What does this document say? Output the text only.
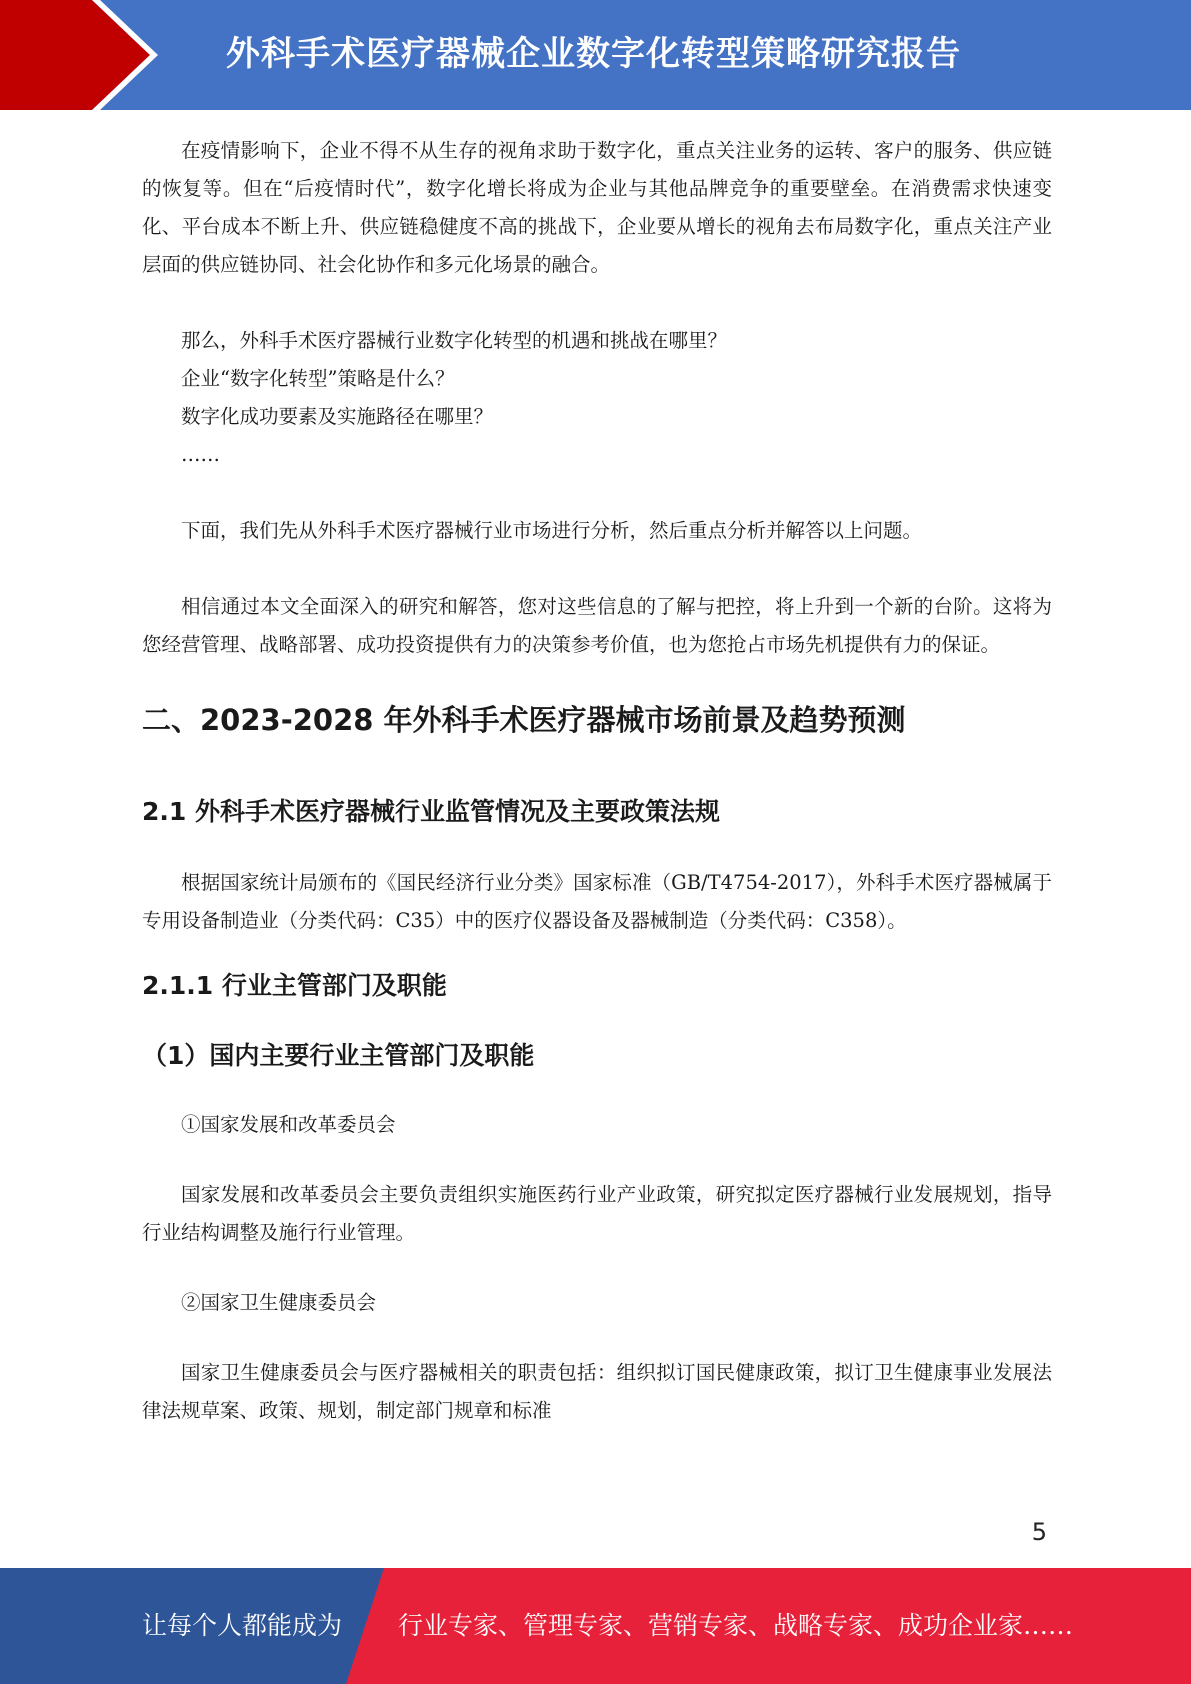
外科手术医疗器械企业数字化转型策略研究报告

在疫情影响下，企业不得不从生存的视角求助于数字化，重点关注业务的运转、客户的服务、供应链的恢复等。但在“后疫情时代”，数字化增长将成为企业与其他品牌竞争的重要壁垒。在消费需求快速变化、平台成本不断上升、供应链稳健度不高的挑战下，企业要从增长的视角去布局数字化，重点关注产业层面的供应链协同、社会化协作和多元化场景的融合。

那么，外科手术医疗器械行业数字化转型的机遇和挑战在哪里？

企业“数字化转型”策略是什么？

数字化成功要素及实施路径在哪里？

……

下面，我们先从外科手术医疗器械行业市场进行分析，然后重点分析并解答以上问题。

相信通过本文全面深入的研究和解答，您对这些信息的了解与把控，将上升到一个新的台阶。这将为您经营管理、战略部署、成功投资提供有力的决策参考价值，也为您抢占市场先机提供有力的保证。

二、2023-2028 年外科手术医疗器械市场前景及趋势预测
2.1 外科手术医疗器械行业监管情况及主要政策法规

根据国家统计局颁布的《国民经济行业分类》国家标准（GB/T4754-2017），外科手术医疗器械属于专用设备制造业（分类代码：C35）中的医疗仪器设备及器械制造（分类代码：C358）。

2.1.1 行业主管部门及职能
（1）国内主要行业主管部门及职能

①国家发展和改革委员会

国家发展和改革委员会主要负责组织实施医药行业产业政策，研究拟定医疗器械行业发展规划，指导行业结构调整及施行行业管理。

②国家卫生健康委员会

国家卫生健康委员会与医疗器械相关的职责包括：组织拟订国民健康政策，拟订卫生健康事业发展法律法规草案、政策、规划，制定部门规章和标准

5
让每个人都能成为 行业专家、管理专家、营销专家、战略专家、成功企业家……
